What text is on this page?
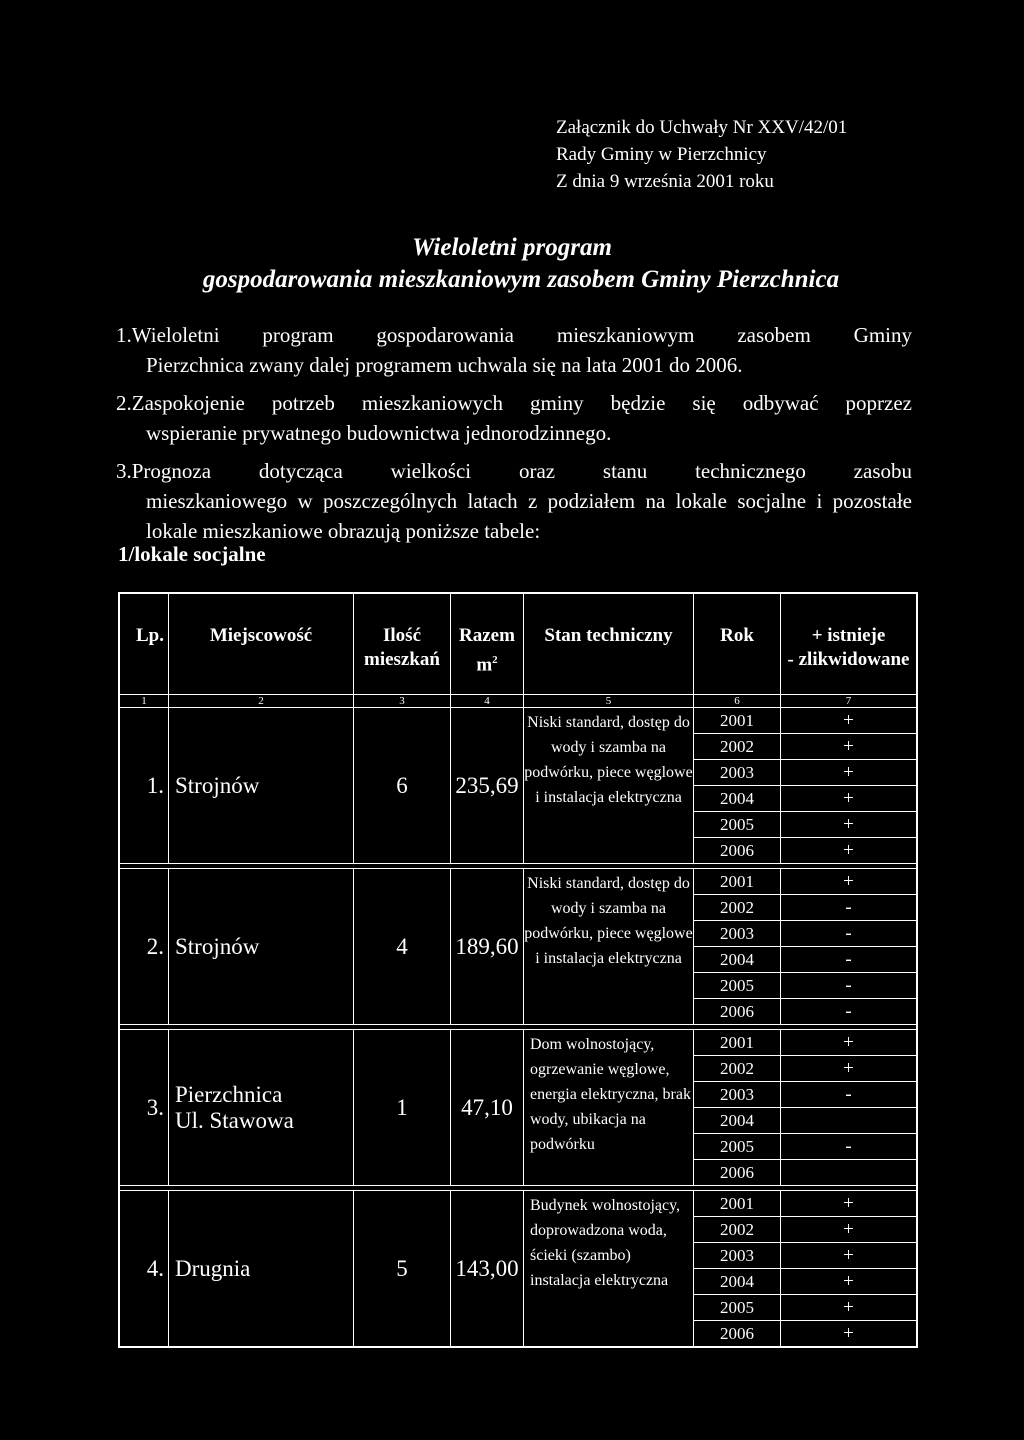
Załącznik do Uchwały Nr XXV/42/01
Rady Gminy w Pierzchnicy
Z dnia 9 września 2001 roku
Wieloletni program
gospodarowania mieszkaniowym zasobem Gminy Pierzchnica
1.Wieloletni program gospodarowania mieszkaniowym zasobem Gminy
Pierzchnica zwany dalej programem uchwala się na lata 2001 do 2006.
2.Zaspokojenie potrzeb mieszkaniowych gminy będzie się odbywać poprzez
wspieranie prywatnego budownictwa jednorodzinnego.
3.Prognoza dotycząca wielkości oraz stanu technicznego zasobu
mieszkaniowego w poszczególnych latach z podziałem na lokale socjalne i pozostałe lokale mieszkaniowe obrazują poniższe tabele:
1/lokale socjalne
Lp.	Miejscowość	Ilość mieszkań	Razem $m^2$	Stan techniczny	Rok	+ istnieje
- zlikwidowane

1	2	3	4	5	6	7
1.	Strojnów	6	235,69	Niski standard, dostęp do wody i szamba na podwórku, piece węglowe i instalacja elektryczna	2001	+
					2002	+
					2003	+
					2004	+
					2005	+
					2006	+

2.	Strojnów	4	189,60	Niski standard, dostęp do wody i szamba na podwórku, piece węglowe i instalacja elektryczna	2001	+
					2002	-
					2003	-
					2004	-
					2005	-
					2006	-

3.	Pierzchnica
Ul. Stawowa	1	47,10	Dom wolnostojący, ogrzewanie węglowe, energia elektryczna, brak wody, ubikacja na podwórku	2001	+
					2002	+
					2003	-
					2004	
					2005	-
					2006	

4.	Drugnia	5	143,00	Budynek wolnostojący, doprowadzona woda, ścieki (szambo) instalacja elektryczna	2001	+
					2002	+
					2003	+
					2004	+
					2005	+
					2006	+
